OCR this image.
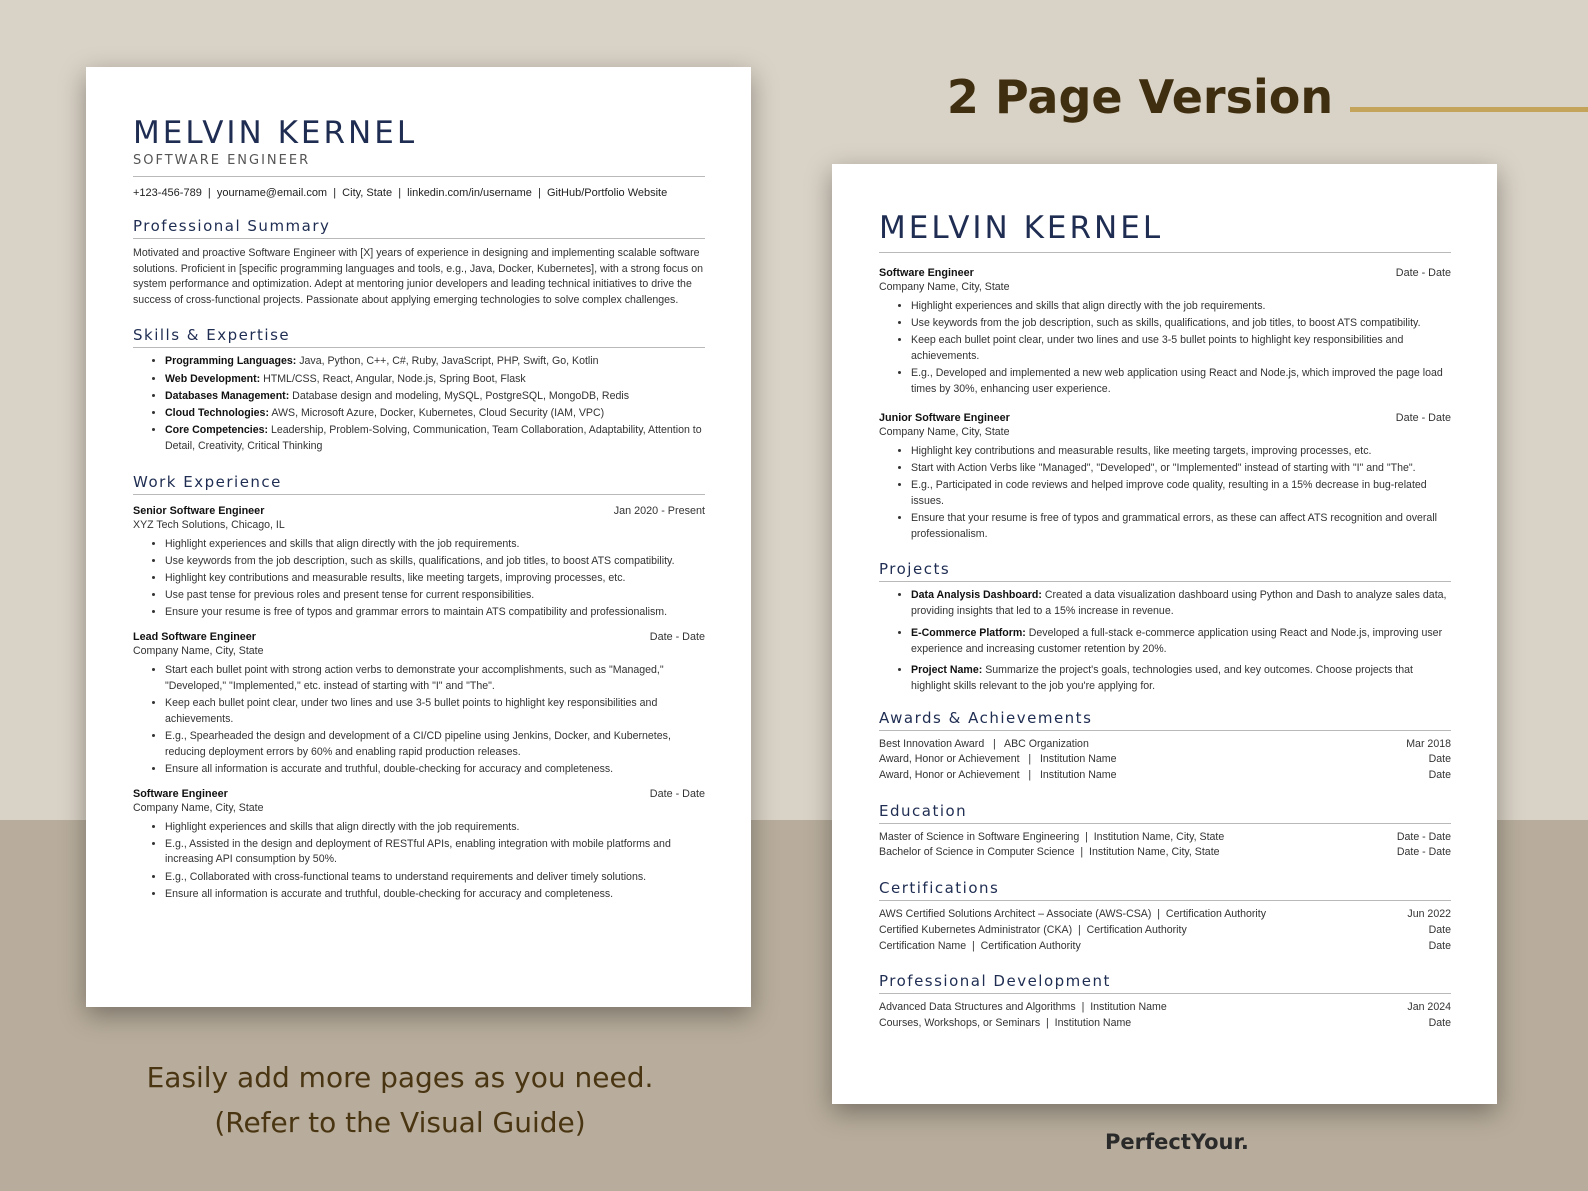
2 Page Version
MELVIN KERNEL
SOFTWARE ENGINEER
+123-456-789  |  yourname@email.com  |  City, State  |  linkedin.com/in/username  |  GitHub/Portfolio Website
Professional Summary
Motivated and proactive Software Engineer with [X] years of experience in designing and implementing scalable software solutions. Proficient in [specific programming languages and tools, e.g., Java, Docker, Kubernetes], with a strong focus on system performance and optimization. Adept at mentoring junior developers and leading technical initiatives to drive the success of cross-functional projects. Passionate about applying emerging technologies to solve complex challenges.
Skills & Expertise
• Programming Languages: Java, Python, C++, C#, Ruby, JavaScript, PHP, Swift, Go, Kotlin
• Web Development: HTML/CSS, React, Angular, Node.js, Spring Boot, Flask
• Databases Management: Database design and modeling, MySQL, PostgreSQL, MongoDB, Redis
• Cloud Technologies: AWS, Microsoft Azure, Docker, Kubernetes, Cloud Security (IAM, VPC)
• Core Competencies: Leadership, Problem-Solving, Communication, Team Collaboration, Adaptability, Attention to Detail, Creativity, Critical Thinking
Work Experience
Senior Software Engineer	Jan 2020 - Present
XYZ Tech Solutions, Chicago, IL
• Highlight experiences and skills that align directly with the job requirements.
• Use keywords from the job description, such as skills, qualifications, and job titles, to boost ATS compatibility.
• Highlight key contributions and measurable results, like meeting targets, improving processes, etc.
• Use past tense for previous roles and present tense for current responsibilities.
• Ensure your resume is free of typos and grammar errors to maintain ATS compatibility and professionalism.
Lead Software Engineer	Date - Date
Company Name, City, State
• Start each bullet point with strong action verbs to demonstrate your accomplishments, such as "Managed," "Developed," "Implemented," etc. instead of starting with "I" and "The".
• Keep each bullet point clear, under two lines and use 3-5 bullet points to highlight key responsibilities and achievements.
• E.g., Spearheaded the design and development of a CI/CD pipeline using Jenkins, Docker, and Kubernetes, reducing deployment errors by 60% and enabling rapid production releases.
• Ensure all information is accurate and truthful, double-checking for accuracy and completeness.
Software Engineer	Date - Date
Company Name, City, State
• Highlight experiences and skills that align directly with the job requirements.
• E.g., Assisted in the design and deployment of RESTful APIs, enabling integration with mobile platforms and increasing API consumption by 50%.
• E.g., Collaborated with cross-functional teams to understand requirements and deliver timely solutions.
• Ensure all information is accurate and truthful, double-checking for accuracy and completeness.
MELVIN KERNEL
Software Engineer	Date - Date
Company Name, City, State
• Highlight experiences and skills that align directly with the job requirements.
• Use keywords from the job description, such as skills, qualifications, and job titles, to boost ATS compatibility.
• Keep each bullet point clear, under two lines and use 3-5 bullet points to highlight key responsibilities and achievements.
• E.g., Developed and implemented a new web application using React and Node.js, which improved the page load times by 30%, enhancing user experience.
Junior Software Engineer	Date - Date
Company Name, City, State
• Highlight key contributions and measurable results, like meeting targets, improving processes, etc.
• Start with Action Verbs like "Managed", "Developed", or "Implemented" instead of starting with "I" and "The".
• E.g., Participated in code reviews and helped improve code quality, resulting in a 15% decrease in bug-related issues.
• Ensure that your resume is free of typos and grammatical errors, as these can affect ATS recognition and overall professionalism.
Projects
• Data Analysis Dashboard: Created a data visualization dashboard using Python and Dash to analyze sales data, providing insights that led to a 15% increase in revenue.
• E-Commerce Platform: Developed a full-stack e-commerce application using React and Node.js, improving user experience and increasing customer retention by 20%.
• Project Name: Summarize the project's goals, technologies used, and key outcomes. Choose projects that highlight skills relevant to the job you're applying for.
Awards & Achievements
Best Innovation Award   |   ABC Organization	Mar 2018
Award, Honor or Achievement   |   Institution Name	Date
Award, Honor or Achievement   |   Institution Name	Date
Education
Master of Science in Software Engineering  |  Institution Name, City, State	Date - Date
Bachelor of Science in Computer Science  |  Institution Name, City, State	Date - Date
Certifications
AWS Certified Solutions Architect – Associate (AWS-CSA)  |  Certification Authority	Jun 2022
Certified Kubernetes Administrator (CKA)  |  Certification Authority	Date
Certification Name  |  Certification Authority	Date
Professional Development
Advanced Data Structures and Algorithms  |  Institution Name	Jan 2024
Courses, Workshops, or Seminars  |  Institution Name	Date
Easily add more pages as you need.
(Refer to the Visual Guide)
PerfectYour.
